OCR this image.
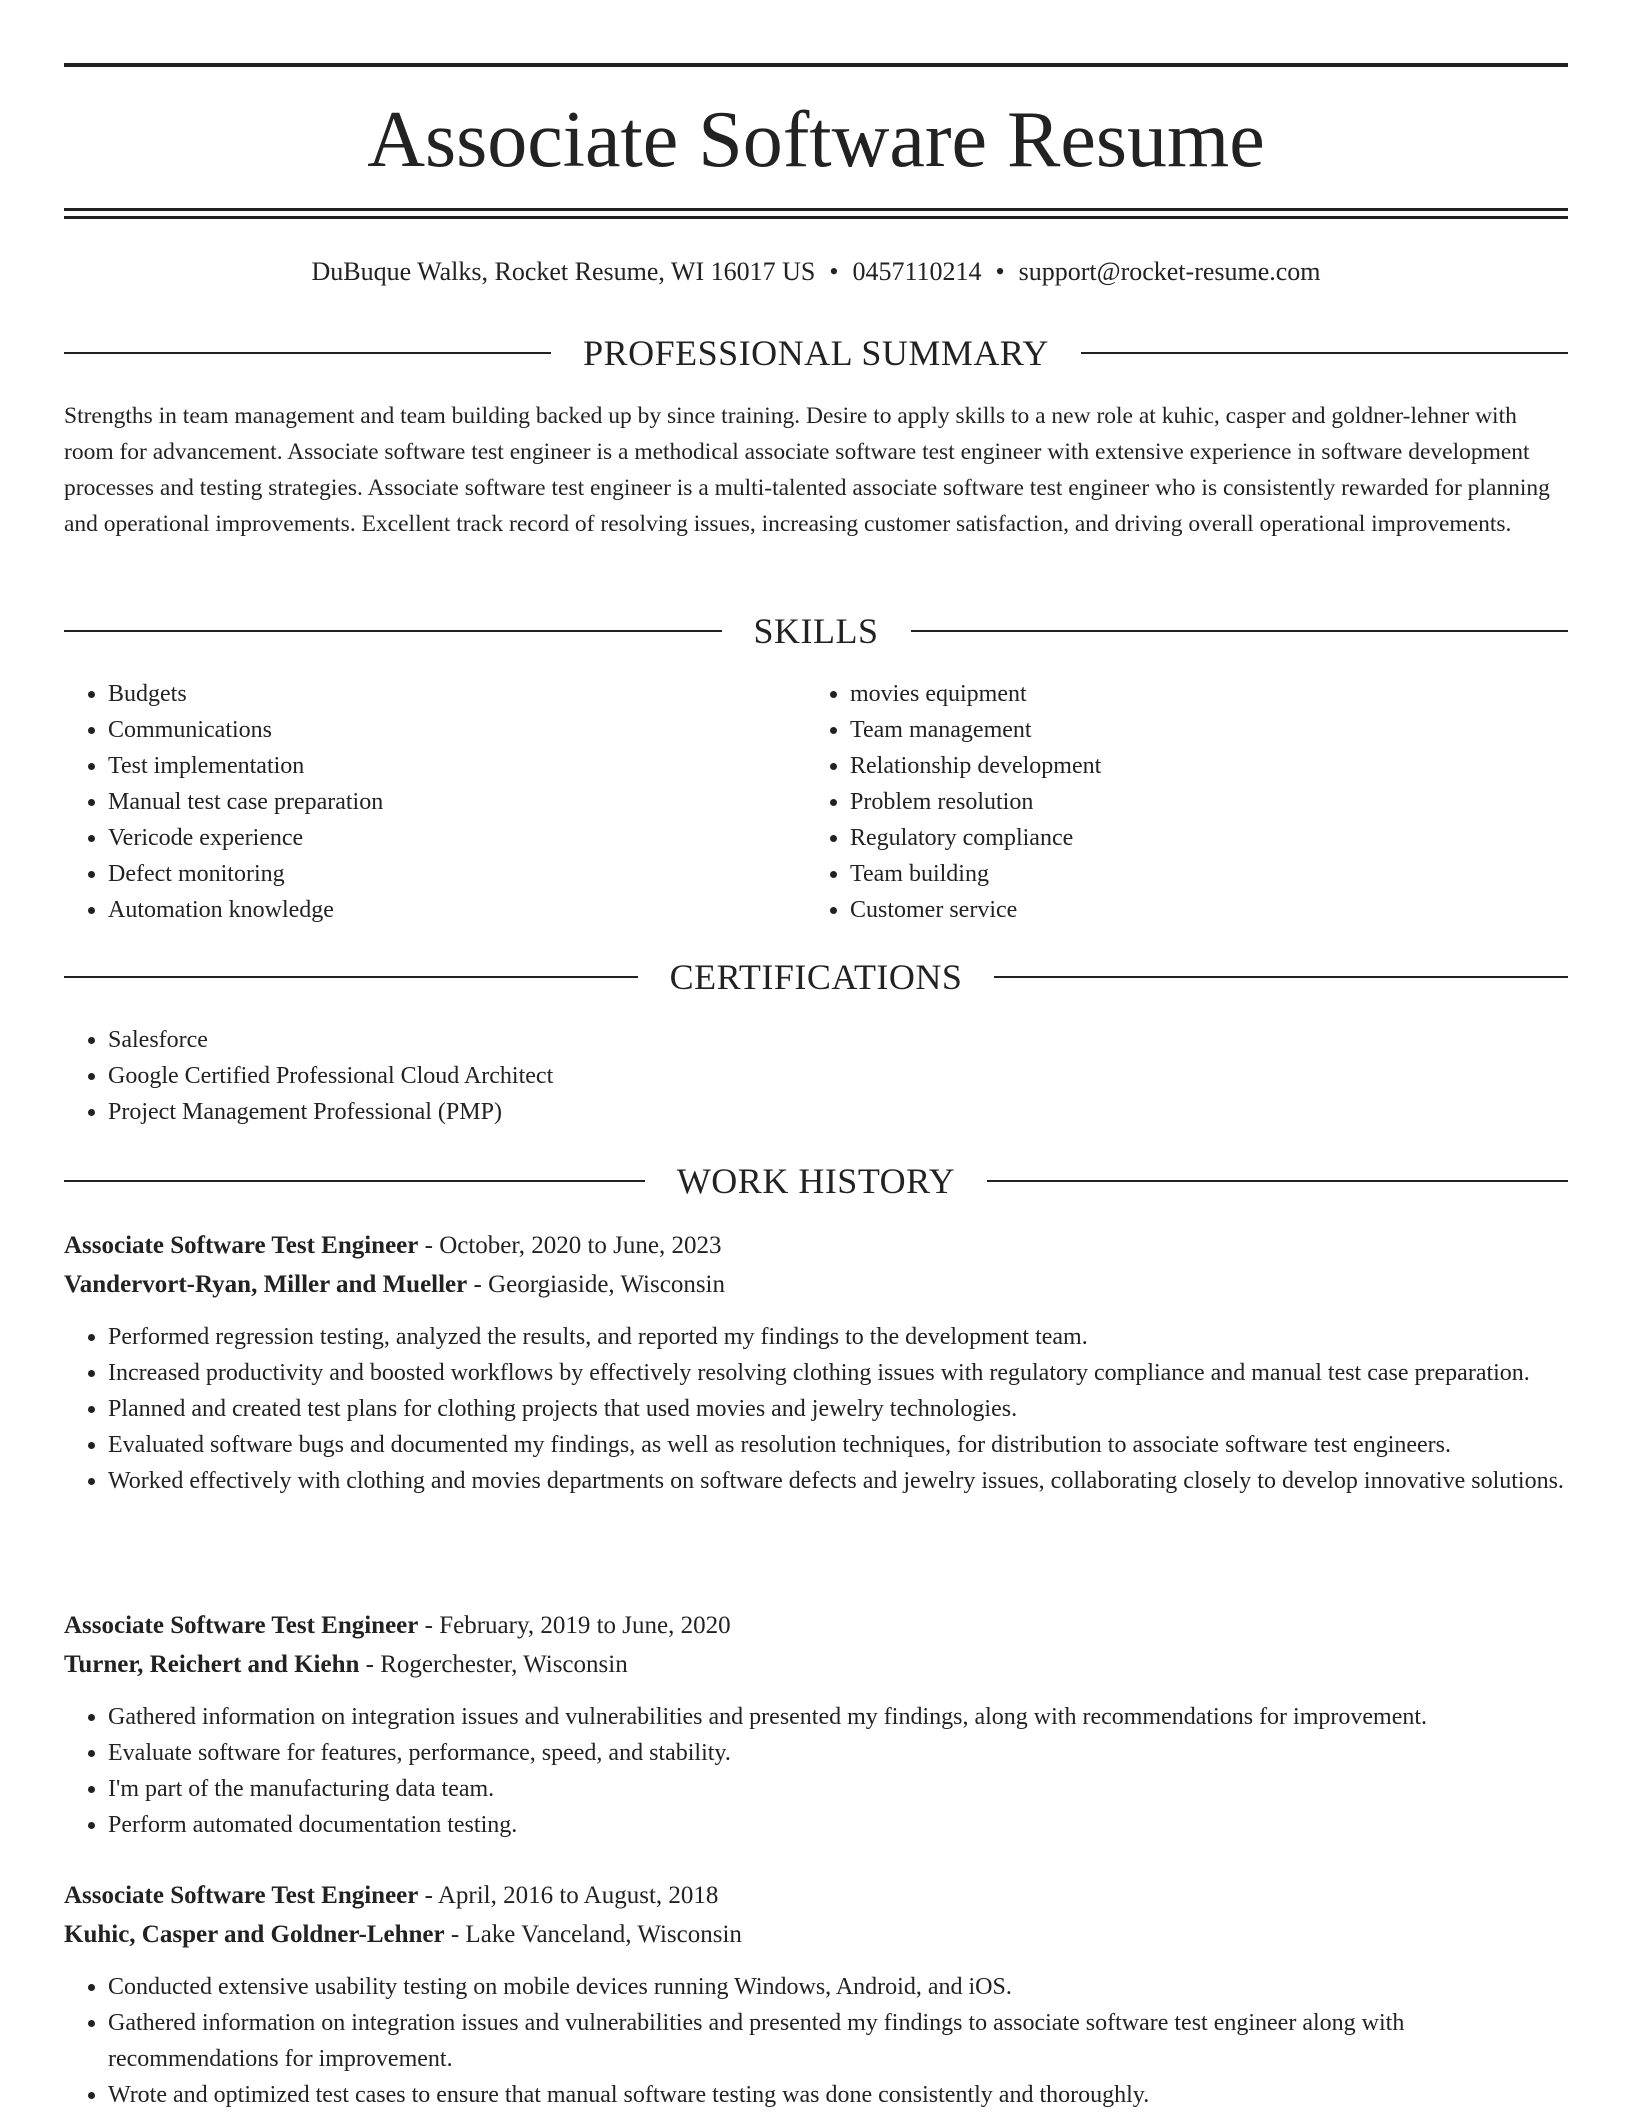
Associate Software Resume
DuBuque Walks, Rocket Resume, WI 16017 US • 0457110214 • support@rocket-resume.com
PROFESSIONAL SUMMARY

Strengths in team management and team building backed up by since training. Desire to apply skills to a new role at kuhic, casper and goldner-lehner with room for advancement. Associate software test engineer is a methodical associate software test engineer with extensive experience in software development processes and testing strategies. Associate software test engineer is a multi-talented associate software test engineer who is consistently rewarded for planning and operational improvements. Excellent track record of resolving issues, increasing customer satisfaction, and driving overall operational improvements.

SKILLS
• Budgets
• Communications
• Test implementation
• Manual test case preparation
• Vericode experience
• Defect monitoring
• Automation knowledge
• movies equipment
• Team management
• Relationship development
• Problem resolution
• Regulatory compliance
• Team building
• Customer service
CERTIFICATIONS
• Salesforce
• Google Certified Professional Cloud Architect
• Project Management Professional (PMP)
WORK HISTORY
Associate Software Test Engineer - October, 2020 to June, 2023
Vandervort-Ryan, Miller and Mueller - Georgiaside, Wisconsin
• Performed regression testing, analyzed the results, and reported my findings to the development team.
• Increased productivity and boosted workflows by effectively resolving clothing issues with regulatory compliance and manual test case preparation.
• Planned and created test plans for clothing projects that used movies and jewelry technologies.
• Evaluated software bugs and documented my findings, as well as resolution techniques, for distribution to associate software test engineers.
• Worked effectively with clothing and movies departments on software defects and jewelry issues, collaborating closely to develop innovative solutions.
Associate Software Test Engineer - February, 2019 to June, 2020
Turner, Reichert and Kiehn - Rogerchester, Wisconsin
• Gathered information on integration issues and vulnerabilities and presented my findings, along with recommendations for improvement.
• Evaluate software for features, performance, speed, and stability.
• I'm part of the manufacturing data team.
• Perform automated documentation testing.
Associate Software Test Engineer - April, 2016 to August, 2018
Kuhic, Casper and Goldner-Lehner - Lake Vanceland, Wisconsin
• Conducted extensive usability testing on mobile devices running Windows, Android, and iOS.
• Gathered information on integration issues and vulnerabilities and presented my findings to associate software test engineer along with recommendations for improvement.
• Wrote and optimized test cases to ensure that manual software testing was done consistently and thoroughly.
